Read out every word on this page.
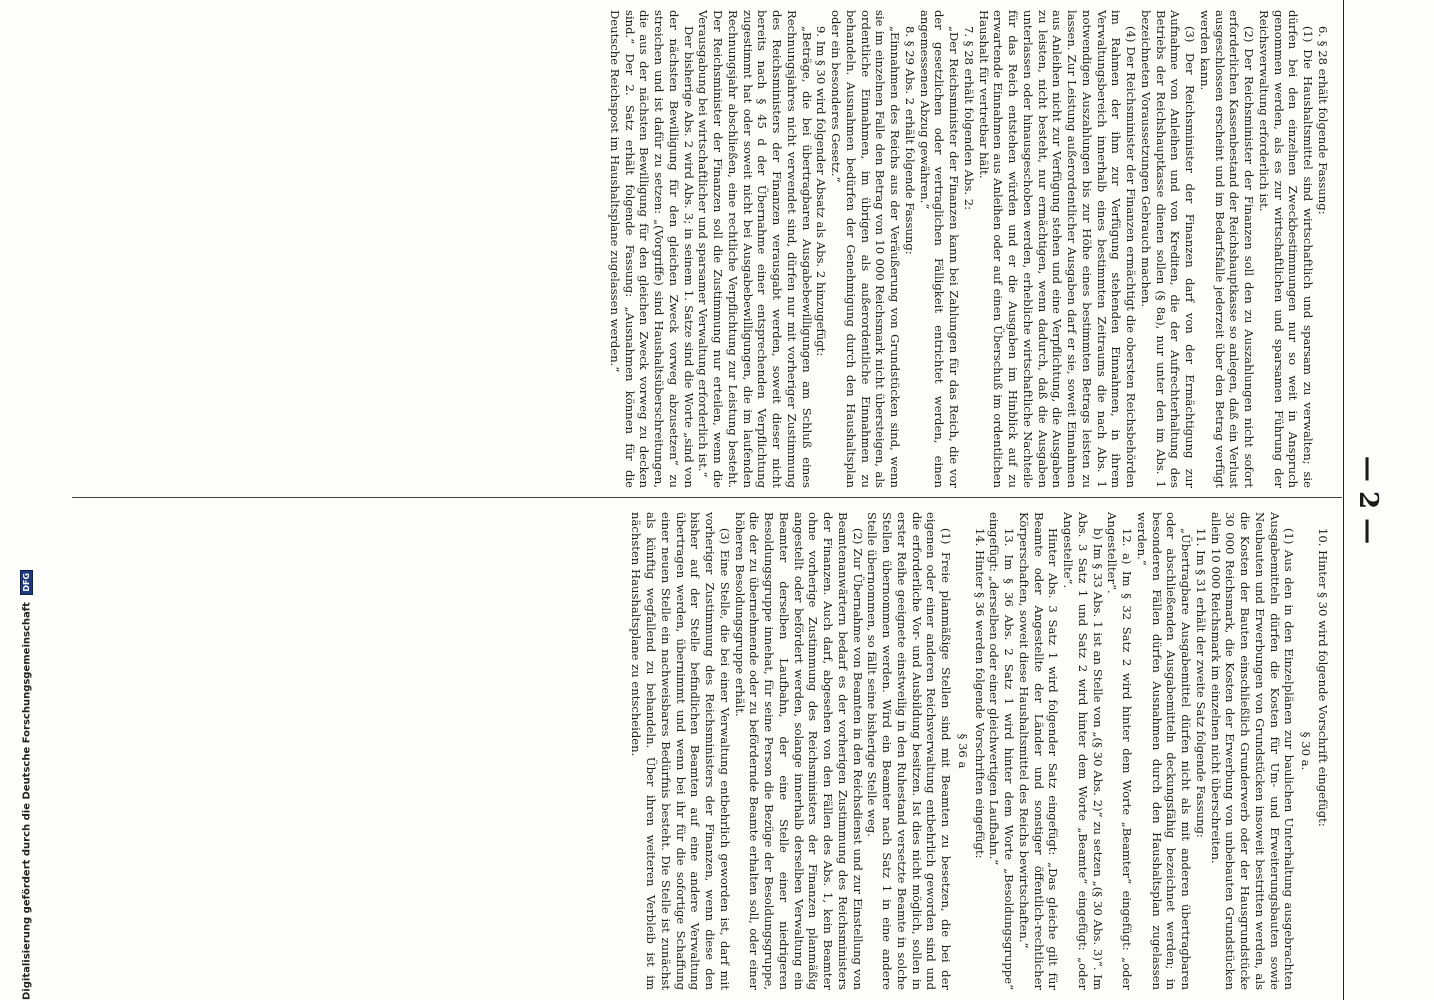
Digitalisierung gefördert durch die Deutsche Forschungsgemeinschaft DFG
— 2 —

6. § 28 erhält folgende Fassung:

(1) Die Haushaltsmittel sind wirtschaftlich und sparsam zu verwalten; sie dürfen bei den einzelnen Zweckbestimmungen nur so weit in Anspruch genommen werden, als es zur wirtschaftlichen und sparsamen Führung der Reichsverwaltung erforderlich ist.

(2) Der Reichsminister der Finanzen soll den zu Auszahlungen nicht sofort erforderlichen Kassenbestand der Reichshauptkasse so anlegen, daß ein Verlust ausgeschlossen erscheint und im Bedarfsfalle jederzeit über den Betrag verfügt werden kann.

(3) Der Reichsminister der Finanzen darf von der Ermächtigung zur Aufnahme von Anleihen und von Krediten, die der Aufrechterhaltung des Betriebs der Reichshauptkasse dienen sollen (§ 8a), nur unter den im Abs. 1 bezeichneten Voraussetzungen Gebrauch machen.

(4) Der Reichsminister der Finanzen ermächtigt die obersten Reichsbehörden im Rahmen der ihm zur Verfügung stehenden Einnahmen, in ihrem Verwaltungsbereich innerhalb eines bestimmten Zeitraums die nach Abs. 1 notwendigen Auszahlungen bis zur Höhe eines bestimmten Betrags leisten zu lassen. Zur Leistung außerordentlicher Ausgaben darf er sie, soweit Einnahmen aus Anleihen nicht zur Verfügung stehen und eine Verpflichtung, die Ausgaben zu leisten, nicht besteht, nur ermächtigen, wenn dadurch, daß die Ausgaben unterlassen oder hinausgeschoben werden, erhebliche wirtschaftliche Nachteile für das Reich entstehen würden und er die Ausgaben im Hinblick auf zu erwartende Einnahmen aus Anleihen oder auf einen Überschuß im ordentlichen Haushalt für vertretbar hält.

7. § 28 erhält folgenden Abs. 2:

„Der Reichsminister der Finanzen kann bei Zahlungen für das Reich, die vor der gesetzlichen oder vertraglichen Fälligkeit entrichtet werden, einen angemessenen Abzug gewähren.“

8. § 29 Abs. 2 erhält folgende Fassung:

„Einnahmen des Reichs aus der Veräußerung von Grundstücken sind, wenn sie im einzelnen Falle den Betrag von 10 000 Reichsmark nicht übersteigen, als ordentliche Einnahmen, im übrigen als außerordentliche Einnahmen zu behandeln. Ausnahmen bedürfen der Genehmigung durch den Haushaltsplan oder ein besonderes Gesetz.“

9. Im § 30 wird folgender Absatz als Abs. 2 hinzugefügt:

„Beträge, die bei übertragbaren Ausgabebewilligungen am Schluß eines Rechnungsjahres nicht verwendet sind, dürfen nur mit vorheriger Zustimmung des Reichsministers der Finanzen verausgabt werden, soweit dieser nicht bereits nach § 45 d der Übernahme einer entsprechenden Verpflichtung zugestimmt hat oder soweit nicht bei Ausgabebewilligungen, die im laufenden Rechnungsjahr abschließen, eine rechtliche Verpflichtung zur Leistung besteht. Der Reichsminister der Finanzen soll die Zustimmung nur erteilen, wenn die Verausgabung bei wirtschaftlicher und sparsamer Verwaltung erforderlich ist.“

Der bisherige Abs. 2 wird Abs. 3; in seinem 1. Satze sind die Worte „sind von der nächsten Bewilligung für den gleichen Zweck vorweg abzusetzen“ zu streichen und ist dafür zu setzen: „(Vorgriffe) sind Haushaltsüberschreitungen, die aus der nächsten Bewilligung für den gleichen Zweck vorweg zu decken sind.“ Der 2. Satz erhält folgende Fassung: „Ausnahmen können für die Deutsche Reichspost im Haushaltsplane zugelassen werden.“

10. Hinter § 30 wird folgende Vorschrift eingefügt:

§ 30 a.

(1) Aus den in den Einzelplänen zur baulichen Unterhaltung ausgebrachten Ausgabemitteln dürfen die Kosten für Um- und Erweiterungsbauten sowie Neubauten und Erwerbungen von Grundstücken insoweit bestritten werden, als die Kosten der Bauten einschließlich Grunderwerb oder der Hausgrundstücke 30 000 Reichsmark, die Kosten der Erwerbung von unbebauten Grundstücken allein 10 000 Reichsmark im einzelnen nicht überschreiten.

11. Im § 31 erhält der zweite Satz folgende Fassung:

„Übertragbare Ausgabemittel dürfen nicht als mit anderen übertragbaren oder abschließenden Ausgabemitteln deckungsfähig bezeichnet werden; in besonderen Fällen dürfen Ausnahmen durch den Haushaltsplan zugelassen werden.“

12. a) Im § 32 Satz 2 wird hinter dem Worte „Beamter“ eingefügt: „oder Angestellter“.

b) Im § 33 Abs. 1 ist an Stelle von „(§ 30 Abs. 2)“ zu setzen „(§ 30 Abs. 3)“. Im Abs. 3 Satz 1 und Satz 2 wird hinter dem Worte „Beamte“ eingefügt: „oder Angestellte“.

Hinter Abs. 3 Satz 1 wird folgender Satz eingefügt: „Das gleiche gilt für Beamte oder Angestellte der Länder und sonstiger öffentlich-rechtlicher Körperschaften, soweit diese Haushaltsmittel des Reichs bewirtschaften.“

13. Im § 36 Abs. 2 Satz 1 wird hinter dem Worte „Besoldungsgruppe“ eingefügt: „derselben oder einer gleichwertigen Laufbahn.“

14. Hinter § 36 werden folgende Vorschriften eingefügt:

§ 36 a

(1) Freie planmäßige Stellen sind mit Beamten zu besetzen, die bei der eigenen oder einer anderen Reichsverwaltung entbehrlich geworden sind und die erforderliche Vor- und Ausbildung besitzen. Ist dies nicht möglich, sollen in erster Reihe geeignete einstweilig in den Ruhestand versetzte Beamte in solche Stellen übernommen werden. Wird ein Beamter nach Satz 1 in eine andere Stelle übernommen, so fällt seine bisherige Stelle weg.

(2) Zur Übernahme von Beamten in den Reichsdienst und zur Einstellung von Beamtenanwärtern bedarf es der vorherigen Zustimmung des Reichsministers der Finanzen. Auch darf, abgesehen von den Fällen des Abs. 1, kein Beamter ohne vorherige Zustimmung des Reichsministers der Finanzen planmäßig angestellt oder befördert werden, solange innerhalb derselben Verwaltung ein Beamter derselben Laufbahn, der eine Stelle einer niedrigeren Besoldungsgruppe innehat, für seine Person die Bezüge der Besoldungsgruppe, die der zu übernehmende oder zu befördernde Beamte erhalten soll, oder einer höheren Besoldungsgruppe erhält.

(3) Eine Stelle, die bei einer Verwaltung entbehrlich geworden ist, darf mit vorheriger Zustimmung des Reichsministers der Finanzen, wenn diese den bisher auf der Stelle befindlichen Beamten auf eine andere Verwaltung übertragen werden, übernimmt und wenn bei ihr für die sofortige Schaffung einer neuen Stelle ein nachweisbares Bedürfnis besteht. Die Stelle ist zunächst als künftig wegfallend zu behandeln. Über ihren weiteren Verbleib ist im nächsten Haushaltsplane zu entscheiden.
